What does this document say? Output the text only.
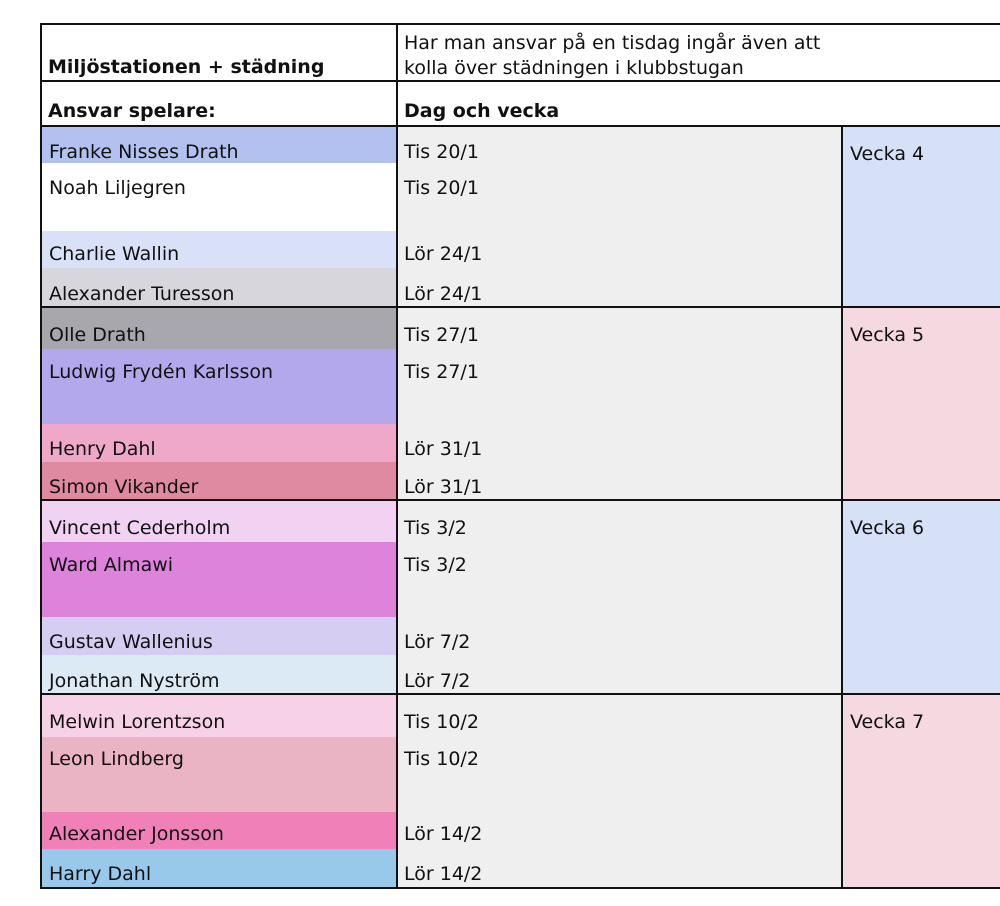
Miljöstationen + städning
Har man ansvar på en tisdag ingår även att kolla över städningen i klubbstugan
Ansvar spelare:	Dag och vecka
Vecka 4
Franke Nisses Drath	Tis 20/1
Noah Liljegren	Tis 20/1
Charlie Wallin	Lör 24/1
Alexander Turesson	Lör 24/1
Vecka 5
Olle Drath	Tis 27/1
Ludwig Frydén Karlsson	Tis 27/1
Henry Dahl	Lör 31/1
Simon Vikander	Lör 31/1
Vecka 6
Vincent Cederholm	Tis 3/2
Ward Almawi	Tis 3/2
Gustav Wallenius	Lör 7/2
Jonathan Nyström	Lör 7/2
Vecka 7
Melwin Lorentzson	Tis 10/2
Leon Lindberg	Tis 10/2
Alexander Jonsson	Lör 14/2
Harry Dahl	Lör 14/2
